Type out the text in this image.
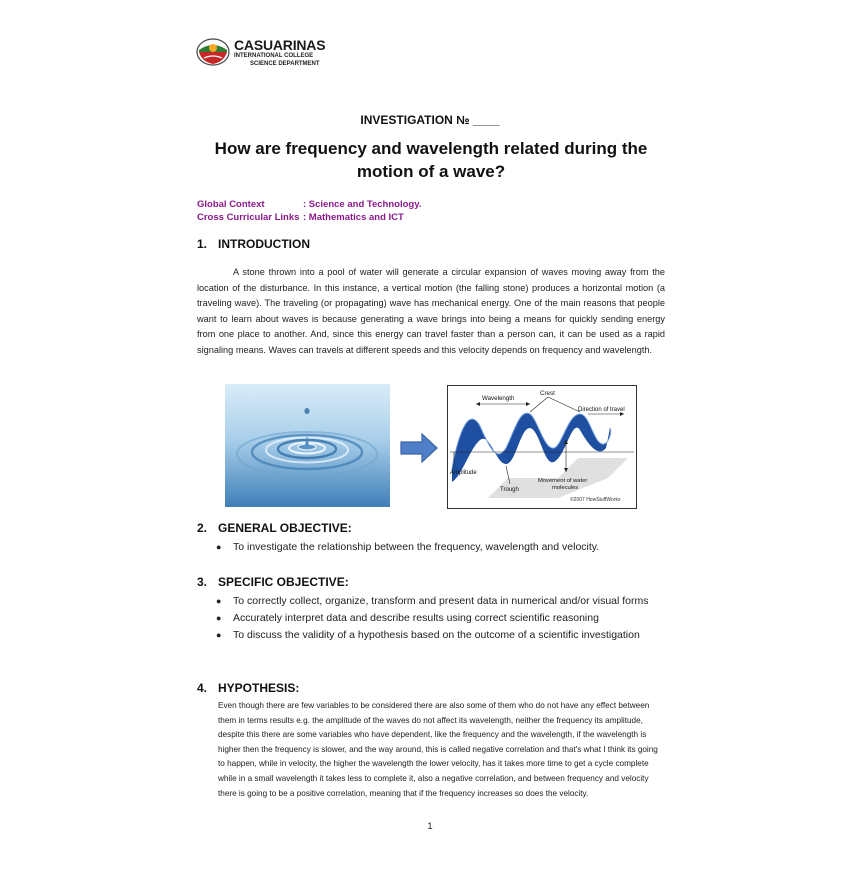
CASUARINAS
INTERNATIONAL COLLEGE
SCIENCE DEPARTMENT
INVESTIGATION № ____
How are frequency and wavelength related during the motion of a wave?
Global Context	: Science and Technology.
Cross Curricular Links : Mathematics and ICT
1. INTRODUCTION
A stone thrown into a pool of water will generate a circular expansion of waves moving away from the location of the disturbance. In this instance, a vertical motion (the falling stone) produces a horizontal motion (a traveling wave). The traveling (or propagating) wave has mechanical energy. One of the main reasons that people want to learn about waves is because generating a wave brings into being a means for quickly sending energy from one place to another. And, since this energy can travel faster than a person can, it can be used as a rapid signaling means. Waves can travels at different speeds and this velocity depends on frequency and wavelength.
Wavelength
Crest
Direction of travel
Amplitude
Trough
Movement of water
molecules
©2007 HowStuffWorks
2. GENERAL OBJECTIVE:
●	To investigate the relationship between the frequency, wavelength and velocity.
3. SPECIFIC OBJECTIVE:
●	To correctly collect, organize, transform and present data in numerical and/or visual forms
●	Accurately interpret data and describe results using correct scientific reasoning
●	To discuss the validity of a hypothesis based on the outcome of a scientific investigation
4. HYPOTHESIS:
Even though there are few variables to be considered there are also some of them who do not have any effect between them in terms results e.g. the amplitude of the waves do not affect its wavelength, neither the frequency its amplitude, despite this there are some variables who have dependent, like the frequency and the wavelength, if the wavelength is higher then the frequency is slower, and the way around, this is called negative correlation and that's what I think its going to happen, while in velocity, the higher the wavelength the lower velocity, has it takes more time to get a cycle complete while in a small wavelength it takes less to complete it, also a negative correlation, and between frequency and velocity there is going to be a positive correlation, meaning that if the frequency increases so does the velocity.
1
